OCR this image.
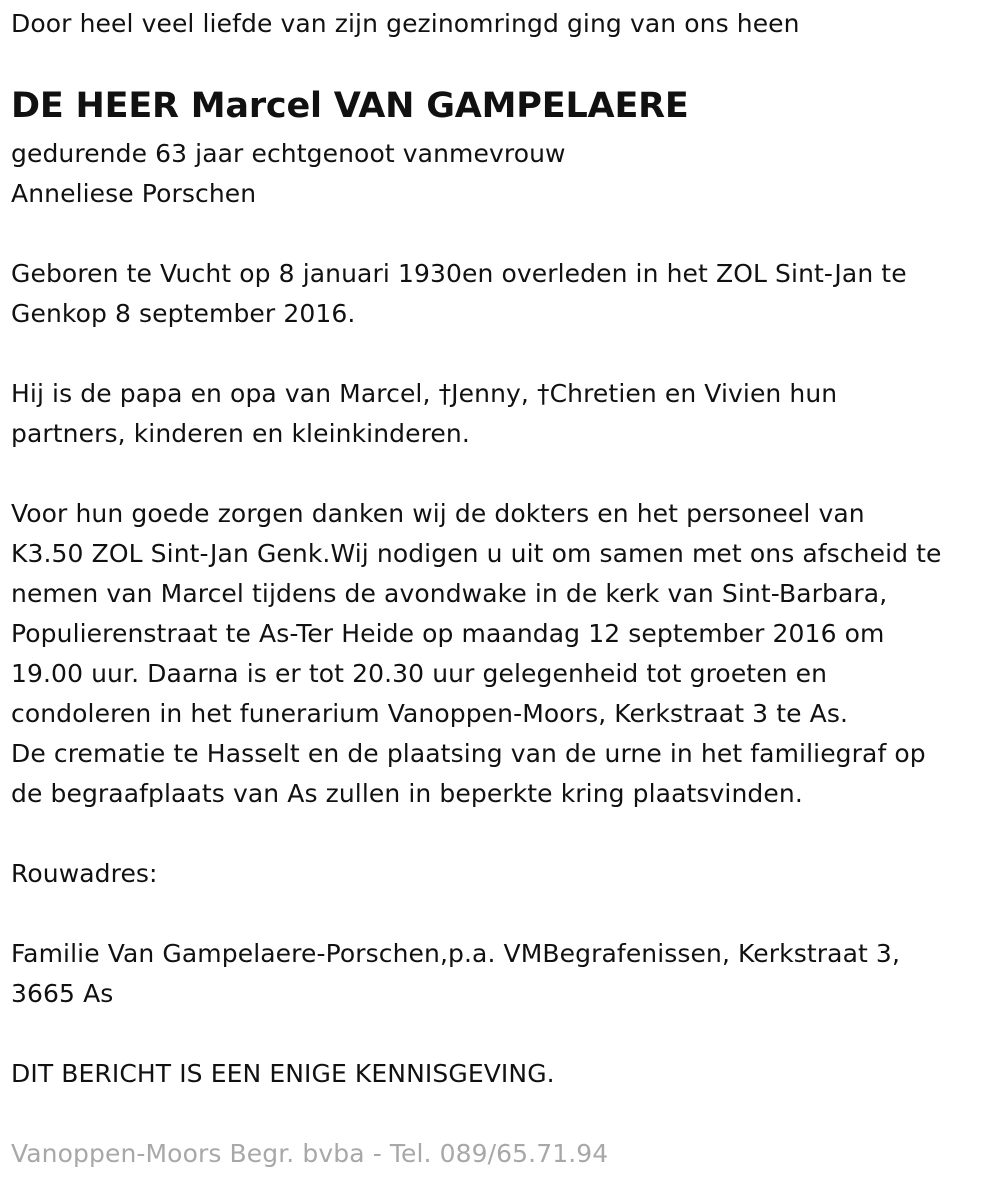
Door heel veel liefde van zijn gezinomringd ging van ons heen
DE HEER Marcel VAN GAMPELAERE
gedurende 63 jaar echtgenoot vanmevrouw
Anneliese Porschen
Geboren te Vucht op 8 januari 1930en overleden in het ZOL Sint-Jan te
Genkop 8 september 2016.
Hij is de papa en opa van Marcel, †Jenny, †Chretien en Vivien hun
partners, kinderen en kleinkinderen.
Voor hun goede zorgen danken wij de dokters en het personeel van
K3.50 ZOL Sint-Jan Genk.Wij nodigen u uit om samen met ons afscheid te
nemen van Marcel tijdens de avondwake in de kerk van Sint-Barbara,
Populierenstraat te As-Ter Heide op maandag 12 september 2016 om
19.00 uur. Daarna is er tot 20.30 uur gelegenheid tot groeten en
condoleren in het funerarium Vanoppen-Moors, Kerkstraat 3 te As.
De crematie te Hasselt en de plaatsing van de urne in het familiegraf op
de begraafplaats van As zullen in beperkte kring plaatsvinden.
Rouwadres:
Familie Van Gampelaere-Porschen,p.a. VMBegrafenissen, Kerkstraat 3,
3665 As
DIT BERICHT IS EEN ENIGE KENNISGEVING.
Vanoppen-Moors Begr. bvba - Tel. 089/65.71.94
